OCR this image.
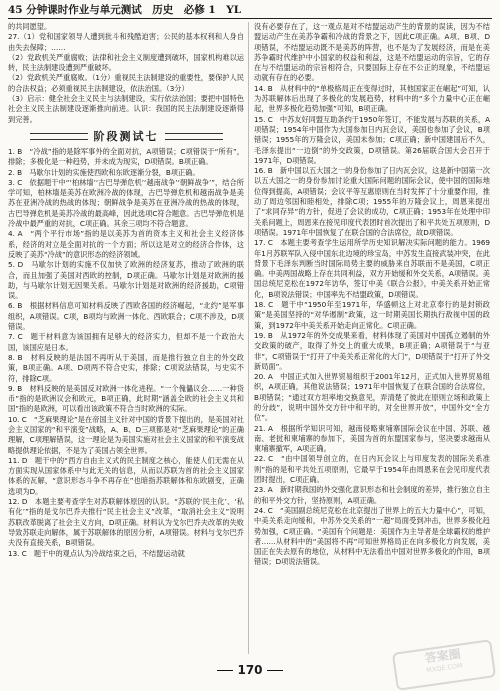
45 分钟课时作业与单元测试　历史　必修 1　YL

的共同愿望。

27.（1）党和国家领导人遭到批斗和残酷迫害；公民的基本权利和人身自由失去保障；……

（2）党政机关严重腐败；法律和社会主义制度遭到破坏，国家机构难以运转，民主法制建设遭到严重破坏。

（2）党政机关严重腐败。（1分）重视民主法制建设的重要性，要保护人民的合法权益；必须重视民主法制建设，依法治国。（3分）

（3）启示：健全社会主义民主与法制建设，实行依法治国；要把中国特色社会主义民主法制建设逐渐推向前进。认识：我国的民主法制建设逐渐得到完善。

阶段测试七

1. B　“冷战”指的是除军事外的全面对抗，A项错误；C项错误于“所有”，排除；多极化是一种趋势，并未成为现实，D项错误。B项正确。

2. B　马歇尔计划的实施使西欧和东欧逐渐分裂，B项正确。

3. C　依据题干中“‘柏林墙’‘古巴导弹危机’‘越南战争’‘朝鲜战争’”，结合所学可知，柏林墙是美苏在欧洲冷战的体现，古巴导弹危机和越南战争是美苏在亚洲冷战的热战的体现；朝鲜战争是美苏在亚洲冷战的热战的体现，古巴导弹危机是美苏冷战的最高峰，因此选项C符合题意。古巴导弹危机是冷战中最严重的对抗，C项正确。其余三项均不符合题意。

4. A　“两个平行市场”指的是以美苏为首的资本主义和社会主义经济体系，经济的对立是全面对抗的一个方面；所以这是对立的经济合作体，这反映了美苏“冷战”的意识形态的经济领域。

5. D　马歇尔计划的实施不仅加快了欧洲的经济复苏，推动了欧洲的联合，而且加强了美国对西欧的控制，D项正确。马歇尔计划是对欧洲的援助，与马歇尔计划无因果关系。马歇尔计划是对欧洲的经济援助，C项错误。

6. B　根据材料信息可知材料反映了西欧各国的经济崛起，“北约”是军事组织，A项错误。C项，B项均与欧洲一体化、西欧联合；C项不涉及，D项错误。

7. C　题干材料意为该国拥有足够大的经济实力，但却不是一个政治大国，该国应是日本。

8. B　材料反映的是法国不再听从于美国，而是推行独立自主的外交政策，B项正确。A项、D项两不符合史实，排除；C项说法错误，与史实不符，排除C项。

9. B　材料反映的是美国反对欧洲一体化进程。“一个傀儡议会……一种货币”指的是欧洲议会和欧元，B项正确，此时期“涵盖全欧的社会主义共和国”指的是欧洲，可以看出该政策不符合当时欧洲的实际。

10. C　“芝麻果理论”是在帝国主义针对中国的背景下提出的，是美国对社会主义国家的“和平演变”战略，A、B、D三项都是对“芝麻果理论”的正确理解，C项理解错误，这一理论是为美国实施对社会主义国家的和平演变战略提供理论依据，不是为了美国占领全世界。

11. D　题干中的“西方自由主义式的民主制度之核心，能使人们无需在从方面实现从国家体系中与此无关的信息，从而以苏联为首的社会主义国家体系的瓦解，“意识形态斗争不再存在”也暗指苏联解体和东欧剧变，正确选项为D。

12. D　本题主要考查学生对苏联解体原因的认识。“苏联的‘民主化’、‘私有化’”指的是戈尔巴乔夫推行“民主社会主义”改革，“取消社会主义”说明苏联改革脱离了社会主义方向，D项正确。材料认为戈尔巴乔夫改革的失败导致苏联走向解体，属于苏联解体的原因分析，A项错误。材料与戈尔巴乔夫没有直接关系，B项错误。

13. C　题干中的观点认为冷战结束之后，不结盟运动就

没有必要存在了，这一观点是对不结盟运动产生的背景的误读，因为不结盟运动产生在美苏争霸和冷战的背景之下，因此C项正确。A项、B项、D项错误，不结盟运动既不是美苏的阵营，也不是为了发展经济，而是在美苏争霸时代维护中小国家的权益和利益，这是不结盟运动的宗旨，它的存在与不结盟运动的宗旨相符合，只要国际上存在不公正的现象，不结盟运动就有存在的必要。

14. B　从材料中的“单极格局正在变得过时，其他国家正在崛起”可知，认为苏联解体后出现了多极化的发展趋势，材料中的“多个力量中心正在崛起，世界多极化趋势加强”可知，B项正确。

15. C　中苏友好同盟互助条约于1950年签订，不能发展与苏联的关系，A项错误；1954年中国作为大国参加日内瓦会议，美国也参加了会议，B项错误；1955年的万隆会议，美国未参加；C项正确；新中国建国后不久，毛泽东提出“一边倒”的外交政策，D项错误。第26届联合国大会召开于1971年，D项错误。

16. B　新中国以五大国之一的身份参加了日内瓦会议，这是新中国第一次以五大国之一的身份参加讨论重大国际问题的国际会议，使中国的国际地位得到提高，A项错误；会议平等互惠原则在当时发挥了十分重要作用，推动了周边邻国和睦相处，排除C项；1955年的万隆会议上，周恩来提出了“求同存异”的方针，促进了会议的成功，C项正确；1953年在处理中印关系问题上，周恩来在接见印度代表团时首次提出了和平共处五项原则，D项错误。1971年中国恢复了在联合国的合法席位，故D项错误。

17. C　本题主要考查学生运用所学历史知识解决实际问题的能力。1969年1月苏联军队入侵中国东北边境的珍宝岛，中苏发生直接武装冲突，在此背景下毛泽东判断当时国际局势主要的威胁来自苏联而不是美国，C项正确。中美两国战略上存在共同利益，双方开始缓和外交关系，A项错误。美国总统尼克松在1972年访华，签订中美《联合公报》，中美关系开始正常化，B项说法错误；中国率先不结盟政策，D项错误。

18. C　题干中“1950年至1971年，华盛顿这上对北京奉行的是封锁政策”是美国坚持的“对华遏制”政策，这一时期美国长期执行敌视中国的政策，到1972年中美关系开始走向正常化。C项正确。

19. B　从1972年的外交成果来看，材料体现了美国对中国孤立遏制的外交政策的破产，取得了外交上的重大成果，B项正确；A项错误于“与亚非”，C项错误于“打开了中美关系正常化的大门”，D项错误于“打开了外交新局面”。

20. A　中国正式加入世界贸易组织于2001年12月，正式加入世界贸易组织，A项正确，其他说法错误；1971年中国恢复了在联合国的合法席位，B项错误；“通过双方坦率地交换意见，弄清楚了彼此在原则立场和政策上的分歧”，说明中国外交方针中和平的，对全世界开放”，中国外交“全方位”。

21. A　根据所学知识可知，越南侵略柬埔寨国际会议在中国、苏联、越南、老挝和柬埔寨的参加下，美国为首的东盟国家参与，坚决要求越南从柬埔寨撤军，A项正确。

22. C　“由中国领导创立的，在日内瓦会议上与印度发表的国际关系准则”指的是和平共处五项原则，它最早于1954年由周恩来在会见印度代表团时提出，C项正确。

23. A　新时期我国的外交强化意识形态和社会制度的差异，推行独立自主的和平外交方针，坚持原则，A项正确。

24. C　“美国副总统尼克松在北京提出了世界上的五大力量中心”，可知，中美关系走向缓和，中苏外交关系的“一超”局面受到冲击，世界多极化趋势加强，C项正确。“美国有个问题是：美国作为主导者是全球霸权的维护者……从材料中的“美国将不再”可知世界格局正在向多极化方向发展，美国正在失去原有的地位，从材料中无法看出中国对世界多极化的作用，B项错误；D项说法错误。

170
答案圈
MXQE.COM
